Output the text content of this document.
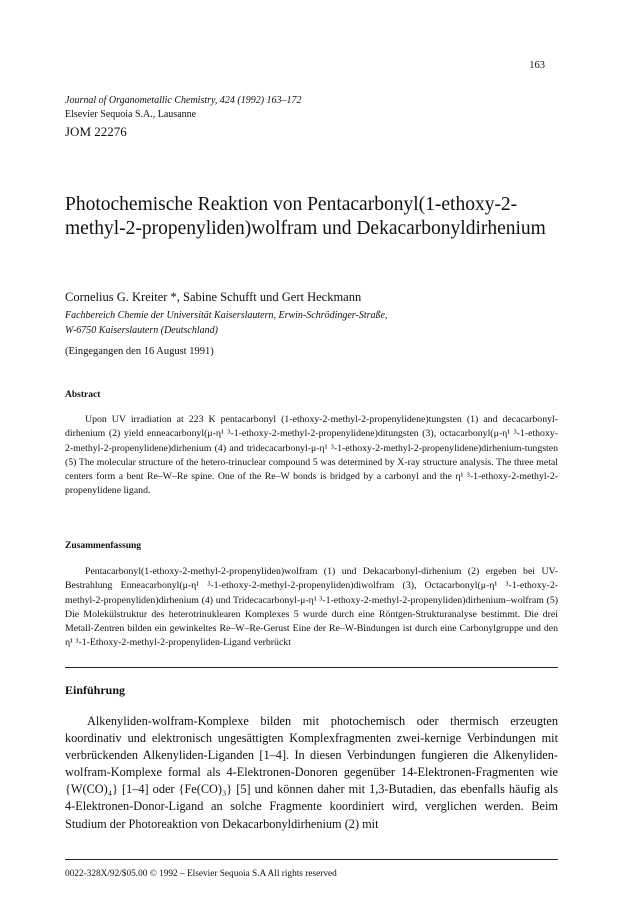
163
Journal of Organometallic Chemistry, 424 (1992) 163–172
Elsevier Sequoia S.A., Lausanne
JOM 22276
Photochemische Reaktion von Pentacarbonyl(1-ethoxy-2-methyl-2-propenyliden)wolfram und Dekacarbonyldirhenium
Cornelius G. Kreiter *, Sabine Schufft und Gert Heckmann
Fachbereich Chemie der Universität Kaiserslautern, Erwin-Schrödinger-Straße,
W-6750 Kaiserslautern (Deutschland)
(Eingegangen den 16 August 1991)
Abstract

Upon UV irradiation at 223 K pentacarbonyl (1-ethoxy-2-methyl-2-propenylidene)tungsten (1) and decacarbonyl-dirhenium (2) yield enneacarbonyl(μ-η¹ ³-1-ethoxy-2-methyl-2-propenylidene)ditungsten (3), octacarbonyl(μ-η¹ ³-1-ethoxy-2-methyl-2-propenylidene)dirhenium (4) and tridecacarbonyl-μ-η¹ ³-1-ethoxy-2-methyl-2-propenylidene)dirhenium-tungsten (5) The molecular structure of the hetero-trinuclear compound 5 was determined by X-ray structure analysis. The three metal centers form a bent Re–W–Re spine. One of the Re–W bonds is bridged by a carbonyl and the η¹ ³-1-ethoxy-2-methyl-2-propenylidene ligand.

Zusammenfassung

Pentacarbonyl(1-ethoxy-2-methyl-2-propenyliden)wolfram (1) und Dekacarbonyl-dirhenium (2) ergeben bei UV-Bestrahlung Enneacarbonyl(μ-η¹ ³-1-ethoxy-2-methyl-2-propenyliden)diwolfram (3), Octacarbonyl(μ-η¹ ³-1-ethoxy-2-methyl-2-propenyliden)dirhenium (4) und Tridecacarbonyl-μ-η¹ ³-1-ethoxy-2-methyl-2-propenyliden)dirhenium–wolfram (5) Die Molekülstruktur des heterotrinuklearen Komplexes 5 wurde durch eine Röntgen-Strukturanalyse bestimmt. Die drei Metall-Zentren bilden ein gewinkeltes Re–W–Re-Gerust Eine der Re–W-Bindungen ist durch eine Carbonylgruppe und den η¹ ³-1-Ethoxy-2-methyl-2-propenyliden-Ligand verbrückt

Einführung

Alkenyliden-wolfram-Komplexe bilden mit photochemisch oder thermisch erzeugten koordinativ und elektronisch ungesättigten Komplexfragmenten zwei-kernige Verbindungen mit verbrückenden Alkenyliden-Liganden [1–4]. In diesen Verbindungen fungieren die Alkenyliden-wolfram-Komplexe formal als 4-Elektronen-Donoren gegenüber 14-Elektronen-Fragmenten wie {W(CO)₄} [1–4] oder {Fe(CO)₃} [5] und können daher mit 1,3-Butadien, das ebenfalls häufig als 4-Elektronen-Donor-Ligand an solche Fragmente koordiniert wird, verglichen werden. Beim Studium der Photoreaktion von Dekacarbonyldirhenium (2) mit

0022-328X/92/$05.00 © 1992 – Elsevier Sequoia S.A All rights reserved
